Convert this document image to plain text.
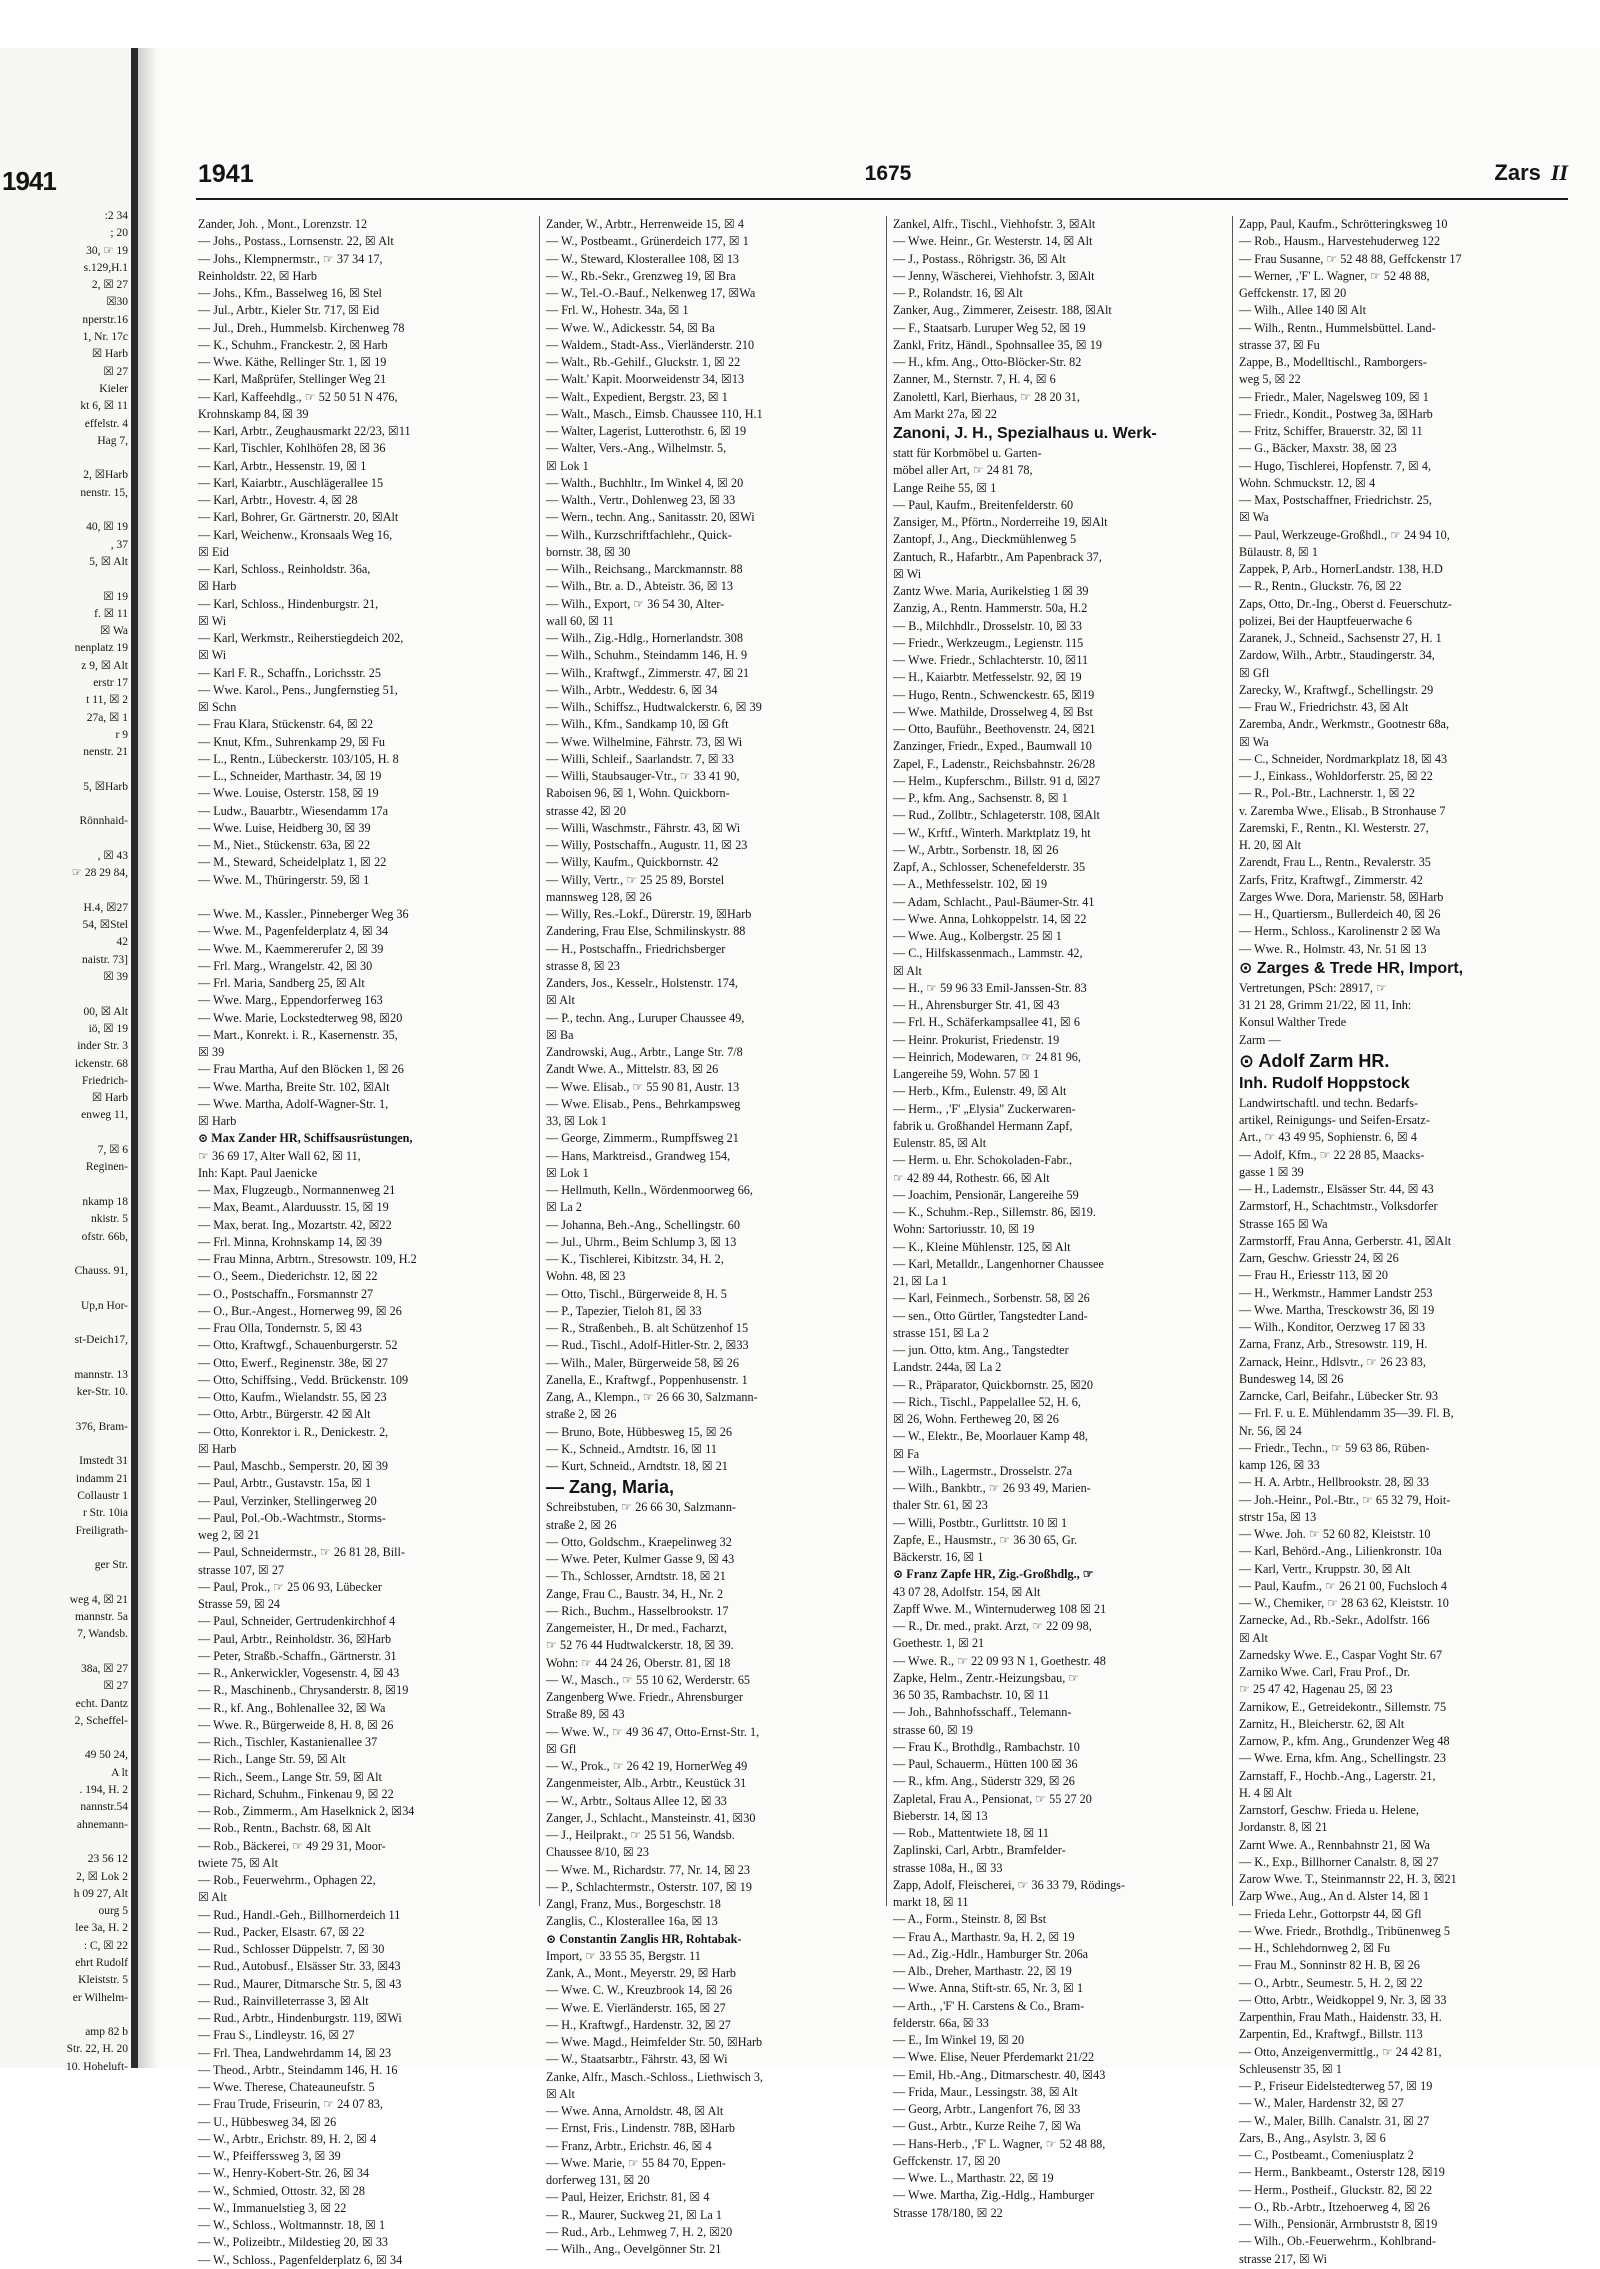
1941
:2 34
; 20
30, ☞ 19
s.129,H.1
2, ☒ 27
☒30
nperstr.16
1, Nr. 17c
☒ Harb
☒ 27
Kieler
kt 6, ☒ 11
effelstr. 4
Hag 7,

2, ☒Harb
nenstr. 15,

40, ☒ 19
, 37
5, ☒ Alt

☒ 19
f. ☒ 11
☒ Wa
nenplatz 19
z 9, ☒ Alt
erstr 17
t 11, ☒ 2
27a, ☒ 1
r 9
nenstr. 21

5, ☒Harb

Rönnhaid-

, ☒ 43
☞ 28 29 84,

H.4, ☒27
54, ☒Stel
42
naistr. 73]
☒ 39

00, ☒ Alt
iö, ☒ 19
inder Str. 3
ickenstr. 68
Friedrich-
☒ Harb
enweg 11,

7, ☒ 6
Reginen-

nkamp 18
nkistr. 5
ofstr. 66b,

Chauss. 91,

Up,n Hor-

st-Deich17,

mannstr. 13
ker-Str. 10.

376, Bram-

Imstedt 31
indamm 21
Collaustr 1
r Str. 10ia
Freiligrath-

ger Str.

weg 4, ☒ 21
mannstr. 5a
7, Wandsb.

38a, ☒ 27
☒ 27
echt. Dantz
2, Scheffel-

49 50 24,
A lt
. 194, H. 2
nannstr.54
ahnemann-

23 56 12
2, ☒ Lok 2
h 09 27, Alt
ourg 5
lee 3a, H. 2
: C, ☒ 22
ehrt Rudolf
Kleiststr. 5
er Wilhelm-

amp 82 b
Str. 22, H. 20
10. Hoheluft-
1941	1675	Zars II
Zander, Joh. , Mont., Lorenzstr. 12
— Johs., Postass., Lornsenstr. 22, ☒ Alt
— Johs., Klempnermstr., ☞ 37 34 17,
Reinholdstr. 22, ☒ Harb
— Johs., Kfm., Basselweg 16, ☒ Stel
— Jul., Arbtr., Kieler Str. 717, ☒ Eid
— Jul., Dreh., Hummelsb. Kirchenweg 78
— K., Schuhm., Franckestr. 2, ☒ Harb
— Wwe. Käthe, Rellinger Str. 1, ☒ 19
— Karl, Maßprüfer, Stellinger Weg 21
— Karl, Kaffeehdlg., ☞ 52 50 51 N 476,
Krohnskamp 84, ☒ 39
— Karl, Arbtr., Zeughausmarkt 22/23, ☒11
— Karl, Tischler, Kohlhöfen 28, ☒ 36
— Karl, Arbtr., Hessenstr. 19, ☒ 1
— Karl, Kaiarbtr., Auschlägerallee 15
— Karl, Arbtr., Hovestr. 4, ☒ 28
— Karl, Bohrer, Gr. Gärtnerstr. 20, ☒Alt
— Karl, Weichenw., Kronsaals Weg 16,
☒ Eid
— Karl, Schloss., Reinholdstr. 36a,
☒ Harb
— Karl, Schloss., Hindenburgstr. 21,
☒ Wi
— Karl, Werkmstr., Reiherstiegdeich 202,
☒ Wi
— Karl F. R., Schaffn., Lorichsstr. 25
— Wwe. Karol., Pens., Jungfernstieg 51,
☒ Schn
— Frau Klara, Stückenstr. 64, ☒ 22
— Knut, Kfm., Suhrenkamp 29, ☒ Fu
— L., Rentn., Lübeckerstr. 103/105, H. 8
— L., Schneider, Marthastr. 34, ☒ 19
— Wwe. Louise, Osterstr. 158, ☒ 19
— Ludw., Bauarbtr., Wiesendamm 17a
— Wwe. Luise, Heidberg 30, ☒ 39
— M., Niet., Stückenstr. 63a, ☒ 22
— M., Steward, Scheidelplatz 1, ☒ 22
— Wwe. M., Thüringerstr. 59, ☒ 1

— Wwe. M., Kassler., Pinneberger Weg 36
— Wwe. M., Pagenfelderplatz 4, ☒ 34
— Wwe. M., Kaemmererufer 2, ☒ 39
— Frl. Marg., Wrangelstr. 42, ☒ 30
— Frl. Maria, Sandberg 25, ☒ Alt
— Wwe. Marg., Eppendorferweg 163
— Wwe. Marie, Lockstedterweg 98, ☒20
— Mart., Konrekt. i. R., Kasernenstr. 35,
☒ 39
— Frau Martha, Auf den Blöcken 1, ☒ 26
— Wwe. Martha, Breite Str. 102, ☒Alt
— Wwe. Martha, Adolf-Wagner-Str. 1,
☒ Harb
⊙ Max Zander HR, Schiffsausrüstungen,
☞ 36 69 17, Alter Wall 62, ☒ 11,
Inh: Kapt. Paul Jaenicke
— Max, Flugzeugb., Normannenweg 21
— Max, Beamt., Alarduusstr. 15, ☒ 19
— Max, berat. Ing., Mozartstr. 42, ☒22
— Frl. Minna, Krohnskamp 14, ☒ 39
— Frau Minna, Arbtrn., Stresowstr. 109, H.2
— O., Seem., Diederichstr. 12, ☒ 22
— O., Postschaffn., Forsmannstr 27
— O., Bur.-Angest., Hornerweg 99, ☒ 26
— Frau Olla, Tondernstr. 5, ☒ 43
— Otto, Kraftwgf., Schauenburgerstr. 52
— Otto, Ewerf., Reginenstr. 38e, ☒ 27
— Otto, Schiffsing., Vedd. Brückenstr. 109
— Otto, Kaufm., Wielandstr. 55, ☒ 23
— Otto, Arbtr., Bürgerstr. 42 ☒ Alt
— Otto, Konrektor i. R., Denickestr. 2,
☒ Harb
— Paul, Maschb., Semperstr. 20, ☒ 39
— Paul, Arbtr., Gustavstr. 15a, ☒ 1
— Paul, Verzinker, Stellingerweg 20
— Paul, Pol.-Ob.-Wachtmstr., Storms-
weg 2, ☒ 21
— Paul, Schneidermstr., ☞ 26 81 28, Bill-
strasse 107, ☒ 27
— Paul, Prok., ☞ 25 06 93, Lübecker
Strasse 59, ☒ 24
— Paul, Schneider, Gertrudenkirchhof 4
— Paul, Arbtr., Reinholdstr. 36, ☒Harb
— Peter, Straßb.-Schaffn., Gärtnerstr. 31
— R., Ankerwickler, Vogesenstr. 4, ☒ 43
— R., Maschinenb., Chrysanderstr. 8, ☒19
— R., kf. Ang., Bohlenallee 32, ☒ Wa
— Wwe. R., Bürgerweide 8, H. 8, ☒ 26
— Rich., Tischler, Kastanienallee 37
— Rich., Lange Str. 59, ☒ Alt
— Rich., Seem., Lange Str. 59, ☒ Alt
— Richard, Schuhm., Finkenau 9, ☒ 22
— Rob., Zimmerm., Am Haselknick 2, ☒34
— Rob., Rentn., Bachstr. 68, ☒ Alt
— Rob., Bäckerei, ☞ 49 29 31, Moor-
twiete 75, ☒ Alt
— Rob., Feuerwehrm., Ophagen 22,
☒ Alt
— Rud., Handl.-Geh., Billhornerdeich 11
— Rud., Packer, Elsastr. 67, ☒ 22
— Rud., Schlosser Düppelstr. 7, ☒ 30
— Rud., Autobusf., Elsässer Str. 33, ☒43
— Rud., Maurer, Ditmarsche Str. 5, ☒ 43
— Rud., Rainvilleterrasse 3, ☒ Alt
— Rud., Arbtr., Hindenburgstr. 119, ☒Wi
— Frau S., Lindleystr. 16, ☒ 27
— Frl. Thea, Landwehrdamm 14, ☒ 23
— Theod., Arbtr., Steindamm 146, H. 16
— Wwe. Therese, Chateauneufstr. 5
— Frau Trude, Friseurin, ☞ 24 07 83,
— U., Hübbesweg 34, ☒ 26
— W., Arbtr., Erichstr. 89, H. 2, ☒ 4
— W., Pfeifferssweg 3, ☒ 39
— W., Henry-Kobert-Str. 26, ☒ 34
— W., Schmied, Ottostr. 32, ☒ 28
— W., Immanuelstieg 3, ☒ 22
— W., Schloss., Woltmannstr. 18, ☒ 1
— W., Polizeibtr., Mildestieg 20, ☒ 33
— W., Schloss., Pagenfelderplatz 6, ☒ 34
Zander, W., Arbtr., Herrenweide 15, ☒ 4
— W., Postbeamt., Grünerdeich 177, ☒ 1
— W., Steward, Klosterallee 108, ☒ 13
— W., Rb.-Sekr., Grenzweg 19, ☒ Bra
— W., Tel.-O.-Bauf., Nelkenweg 17, ☒Wa
— Frl. W., Hohestr. 34a, ☒ 1
— Wwe. W., Adickesstr. 54, ☒ Ba
— Waldem., Stadt-Ass., Vierländerstr. 210
— Walt., Rb.-Gehilf., Gluckstr. 1, ☒ 22
— Walt.' Kapit. Moorweidenstr 34, ☒13
— Walt., Expedient, Bergstr. 23, ☒ 1
— Walt., Masch., Eimsb. Chaussee 110, H.1
— Walter, Lagerist, Lutterothstr. 6, ☒ 19
— Walter, Vers.-Ang., Wilhelmstr. 5,
☒ Lok 1
— Walth., Buchhltr., Im Winkel 4, ☒ 20
— Walth., Vertr., Dohlenweg 23, ☒ 33
— Wern., techn. Ang., Sanitasstr. 20, ☒Wi
— Wilh., Kurzschriftfachlehr., Quick-
bornstr. 38, ☒ 30
— Wilh., Reichsang., Marckmannstr. 88
— Wilh., Btr. a. D., Abteistr. 36, ☒ 13
— Wilh., Export, ☞ 36 54 30, Alter-
wall 60, ☒ 11
— Wilh., Zig.-Hdlg., Hornerlandstr. 308
— Wilh., Schuhm., Steindamm 146, H. 9
— Wilh., Kraftwgf., Zimmerstr. 47, ☒ 21
— Wilh., Arbtr., Weddestr. 6, ☒ 34
— Wilh., Schiffsz., Hudtwalckerstr. 6, ☒ 39
— Wilh., Kfm., Sandkamp 10, ☒ Gft
— Wwe. Wilhelmine, Fährstr. 73, ☒ Wi
— Willi, Schleif., Saarlandstr. 7, ☒ 33
— Willi, Staubsauger-Vtr., ☞ 33 41 90,
Raboisen 96, ☒ 1, Wohn. Quickborn-
strasse 42, ☒ 20
— Willi, Waschmstr., Fährstr. 43, ☒ Wi
— Willy, Postschaffn., Augustr. 11, ☒ 23
— Willy, Kaufm., Quickbornstr. 42
— Willy, Vertr., ☞ 25 25 89, Borstel
mannsweg 128, ☒ 26
— Willy, Res.-Lokf., Dürerstr. 19, ☒Harb
Zandering, Frau Else, Schmilinskystr. 88
— H., Postschaffn., Friedrichsberger
strasse 8, ☒ 23
Zanders, Jos., Kesselr., Holstenstr. 174,
☒ Alt
— P., techn. Ang., Luruper Chaussee 49,
☒ Ba
Zandrowski, Aug., Arbtr., Lange Str. 7/8
Zandt Wwe. A., Mittelstr. 83, ☒ 26
— Wwe. Elisab., ☞ 55 90 81, Austr. 13
— Wwe. Elisab., Pens., Behrkampsweg
33, ☒ Lok 1
— George, Zimmerm., Rumpffsweg 21
— Hans, Marktreisd., Grandweg 154,
☒ Lok 1
— Hellmuth, Kelln., Wördenmoorweg 66,
☒ La 2
— Johanna, Beh.-Ang., Schellingstr. 60
— Jul., Uhrm., Beim Schlump 3, ☒ 13
— K., Tischlerei, Kibitzstr. 34, H. 2,
Wohn. 48, ☒ 23
— Otto, Tischl., Bürgerweide 8, H. 5
— P., Tapezier, Tieloh 81, ☒ 33
— R., Straßenbeh., B. alt Schützenhof 15
— Rud., Tischl., Adolf-Hitler-Str. 2, ☒33
— Wilh., Maler, Bürgerweide 58, ☒ 26
Zanella, E., Kraftwgf., Poppenhusenstr. 1
Zang, A., Klempn., ☞ 26 66 30, Salzmann-
straße 2, ☒ 26
— Bruno, Bote, Hübbesweg 15, ☒ 26
— K., Schneid., Arndtstr. 16, ☒ 11
— Kurt, Schneid., Arndtstr. 18, ☒ 21
— Zang, Maria,
Schreibstuben, ☞ 26 66 30, Salzmann-
straße 2, ☒ 26
— Otto, Goldschm., Kraepelinweg 32
— Wwe. Peter, Kulmer Gasse 9, ☒ 43
— Th., Schlosser, Arndtstr. 18, ☒ 21
Zange, Frau C., Baustr. 34, H., Nr. 2
— Rich., Buchm., Hasselbrookstr. 17
Zangemeister, H., Dr med., Facharzt,
☞ 52 76 44 Hudtwalckerstr. 18, ☒ 39.
Wohn: ☞ 44 24 26, Oberstr. 81, ☒ 18
— W., Masch., ☞ 55 10 62, Werderstr. 65
Zangenberg Wwe. Friedr., Ahrensburger
Straße 89, ☒ 43
— Wwe. W., ☞ 49 36 47, Otto-Ernst-Str. 1,
☒ Gfl
— W., Prok., ☞ 26 42 19, HornerWeg 49
Zangenmeister, Alb., Arbtr., Keustück 31
— W., Arbtr., Soltaus Allee 12, ☒ 33
Zanger, J., Schlacht., Mansteinstr. 41, ☒30
— J., Heilprakt., ☞ 25 51 56, Wandsb.
Chaussee 8/10, ☒ 23
— Wwe. M., Richardstr. 77, Nr. 14, ☒ 23
— P., Schlachtermstr., Osterstr. 107, ☒ 19
Zangl, Franz, Mus., Borgeschstr. 18
Zanglis, C., Klosterallee 16a, ☒ 13
⊙ Constantin Zanglis HR, Rohtabak-
Import, ☞ 33 55 35, Bergstr. 11
Zank, A., Mont., Meyerstr. 29, ☒ Harb
— Wwe. C. W., Kreuzbrook 14, ☒ 26
— Wwe. E. Vierländerstr. 165, ☒ 27
— H., Kraftwgf., Hardenstr. 32, ☒ 27
— Wwe. Magd., Heimfelder Str. 50, ☒Harb
— W., Staatsarbtr., Fährstr. 43, ☒ Wi
Zanke, Alfr., Masch.-Schloss., Liethwisch 3,
☒ Alt
— Wwe. Anna, Arnoldstr. 48, ☒ Alt
— Ernst, Fris., Lindenstr. 78B, ☒Harb
— Franz, Arbtr., Erichstr. 46, ☒ 4
— Wwe. Marie, ☞ 55 84 70, Eppen-
dorferweg 131, ☒ 20
— Paul, Heizer, Erichstr. 81, ☒ 4
— R., Maurer, Suckweg 21, ☒ La 1
— Rud., Arb., Lehmweg 7, H. 2, ☒20
— Wilh., Ang., Oevelgönner Str. 21
Zankel, Alfr., Tischl., Viehhofstr. 3, ☒Alt
— Wwe. Heinr., Gr. Westerstr. 14, ☒ Alt
— J., Postass., Röhrigstr. 36, ☒ Alt
— Jenny, Wäscherei, Viehhofstr. 3, ☒Alt
— P., Rolandstr. 16, ☒ Alt
Zanker, Aug., Zimmerer, Zeisestr. 188, ☒Alt
— F., Staatsarb. Luruper Weg 52, ☒ 19
Zankl, Fritz, Händl., Spohnsallee 35, ☒ 19
— H., kfm. Ang., Otto-Blöcker-Str. 82
Zanner, M., Sternstr. 7, H. 4, ☒ 6
Zanolettl, Karl, Bierhaus, ☞ 28 20 31,
Am Markt 27a, ☒ 22
Zanoni, J. H., Spezialhaus u. Werk-
statt für Korbmöbel u. Garten-
möbel aller Art, ☞ 24 81 78,
Lange Reihe 55, ☒ 1
— Paul, Kaufm., Breitenfelderstr. 60
Zansiger, M., Pförtn., Norderreihe 19, ☒Alt
Zantopf, J., Ang., Dieckmühlenweg 5
Zantuch, R., Hafarbtr., Am Papenbrack 37,
☒ Wi
Zantz Wwe. Maria, Aurikelstieg 1 ☒ 39
Zanzig, A., Rentn. Hammerstr. 50a, H.2
— B., Milchhdlr., Drosselstr. 10, ☒ 33
— Friedr., Werkzeugm., Legienstr. 115
— Wwe. Friedr., Schlachterstr. 10, ☒11
— H., Kaiarbtr. Metfesselstr. 92, ☒ 19
— Hugo, Rentn., Schwenckestr. 65, ☒19
— Wwe. Mathilde, Drosselweg 4, ☒ Bst
— Otto, Bauführ., Beethovenstr. 24, ☒21
Zanzinger, Friedr., Exped., Baumwall 10
Zapel, F., Ladenstr., Reichsbahnstr. 26/28
— Helm., Kupferschm., Billstr. 91 d, ☒27
— P., kfm. Ang., Sachsenstr. 8, ☒ 1
— Rud., Zollbtr., Schlageterstr. 108, ☒Alt
— W., Krftf., Winterh. Marktplatz 19, ht
— W., Arbtr., Sorbenstr. 18, ☒ 26
Zapf, A., Schlosser, Schenefelderstr. 35
— A., Methfesselstr. 102, ☒ 19
— Adam, Schlacht., Paul-Bäumer-Str. 41
— Wwe. Anna, Lohkoppelstr. 14, ☒ 22
— Wwe. Aug., Kolbergstr. 25 ☒ 1
— C., Hilfskassenmach., Lammstr. 42,
☒ Alt
— H., ☞ 59 96 33 Emil-Janssen-Str. 83
— H., Ahrensburger Str. 41, ☒ 43
— Frl. H., Schäferkampsallee 41, ☒ 6
— Heinr. Prokurist, Friedenstr. 19
— Heinrich, Modewaren, ☞ 24 81 96,
Langereihe 59, Wohn. 57 ☒ 1
— Herb., Kfm., Eulenstr. 49, ☒ Alt
— Herm., ‚'F' „Elysia" Zuckerwaren-
fabrik u. Großhandel Hermann Zapf,
Eulenstr. 85, ☒ Alt
— Herm. u. Ehr. Schokoladen-Fabr.,
☞ 42 89 44, Rothestr. 66, ☒ Alt
— Joachim, Pensionär, Langereihe 59
— K., Schuhm.-Rep., Sillemstr. 86, ☒19.
Wohn: Sartoriusstr. 10, ☒ 19
— K., Kleine Mühlenstr. 125, ☒ Alt
— Karl, Metalldr., Langenhorner Chaussee
21, ☒ La 1
— Karl, Feinmech., Sorbenstr. 58, ☒ 26
— sen., Otto Gürtler, Tangstedter Land-
strasse 151, ☒ La 2
— jun. Otto, ktm. Ang., Tangstedter
Landstr. 244a, ☒ La 2
— R., Präparator, Quickbornstr. 25, ☒20
— Rich., Tischl., Pappelallee 52, H. 6,
☒ 26, Wohn. Fertheweg 20, ☒ 26
— W., Elektr., Be, Moorlauer Kamp 48,
☒ Fa
— Wilh., Lagermstr., Drosselstr. 27a
— Wilh., Bankbtr., ☞ 26 93 49, Marien-
thaler Str. 61, ☒ 23
— Willi, Postbtr., Gurlittstr. 10 ☒ 1
Zapfe, E., Hausmstr., ☞ 36 30 65, Gr.
Bäckerstr. 16, ☒ 1
⊙ Franz Zapfe HR, Zig.-Großhdlg., ☞
43 07 28, Adolfstr. 154, ☒ Alt
Zapff Wwe. M., Winternuderweg 108 ☒ 21
— R., Dr. med., prakt. Arzt, ☞ 22 09 98,
Goethestr. 1, ☒ 21
— Wwe. R., ☞ 22 09 93 N 1, Goethestr. 48
Zapke, Helm., Zentr.-Heizungsbau, ☞
36 50 35, Rambachstr. 10, ☒ 11
— Joh., Bahnhofsschaff., Telemann-
strasse 60, ☒ 19
— Frau K., Brothdlg., Rambachstr. 10
— Paul, Schauerm., Hütten 100 ☒ 36
— R., kfm. Ang., Süderstr 329, ☒ 26
Zapletal, Frau A., Pensionat, ☞ 55 27 20
Bieberstr. 14, ☒ 13
— Rob., Mattentwiete 18, ☒ 11
Zaplinski, Carl, Arbtr., Bramfelder-
strasse 108a, H., ☒ 33
Zapp, Adolf, Fleischerei, ☞ 36 33 79, Rödings-
markt 18, ☒ 11
— A., Form., Steinstr. 8, ☒ Bst
— Frau A., Marthastr. 9a, H. 2, ☒ 19
— Ad., Zig.-Hdlr., Hamburger Str. 206a
— Alb., Dreher, Marthastr. 22, ☒ 19
— Wwe. Anna, Stift-str. 65, Nr. 3, ☒ 1
— Arth., ‚'F' H. Carstens & Co., Bram-
felderstr. 66a, ☒ 33
— E., Im Winkel 19, ☒ 20
— Wwe. Elise, Neuer Pferdemarkt 21/22
— Emil, Hb.-Ang., Ditmarschestr. 40, ☒43
— Frida, Maur., Lessingstr. 38, ☒ Alt
— Georg, Arbtr., Langenfort 76, ☒ 33
— Gust., Arbtr., Kurze Reihe 7, ☒ Wa
— Hans-Herb., ‚'F' L. Wagner, ☞ 52 48 88,
Geffckenstr. 17, ☒ 20
— Wwe. L., Marthastr. 22, ☒ 19
— Wwe. Martha, Zig.-Hdlg., Hamburger
Strasse 178/180, ☒ 22
Zapp, Paul, Kaufm., Schrötteringksweg 10
— Rob., Hausm., Harvestehuderweg 122
— Frau Susanne, ☞ 52 48 88, Geffckenstr 17
— Werner, ‚'F' L. Wagner, ☞ 52 48 88,
Geffckenstr. 17, ☒ 20
— Wilh., Allee 140 ☒ Alt
— Wilh., Rentn., Hummelsbüttel. Land-
strasse 37, ☒ Fu
Zappe, B., Modelltischl., Ramborgers-
weg 5, ☒ 22
— Friedr., Maler, Nagelsweg 109, ☒ 1
— Friedr., Kondit., Postweg 3a, ☒Harb
— Fritz, Schiffer, Brauerstr. 32, ☒ 11
— G., Bäcker, Maxstr. 38, ☒ 23
— Hugo, Tischlerei, Hopfenstr. 7, ☒ 4,
Wohn. Schmuckstr. 12, ☒ 4
— Max, Postschaffner, Friedrichstr. 25,
☒ Wa
— Paul, Werkzeuge-Großhdl., ☞ 24 94 10,
Bülaustr. 8, ☒ 1
Zappek, P, Arb., HornerLandstr. 138, H.D
— R., Rentn., Gluckstr. 76, ☒ 22
Zaps, Otto, Dr.-Ing., Oberst d. Feuerschutz-
polizei, Bei der Hauptfeuerwache 6
Zaranek, J., Schneid., Sachsenstr 27, H. 1
Zardow, Wilh., Arbtr., Staudingerstr. 34,
☒ Gfl
Zarecky, W., Kraftwgf., Schellingstr. 29
— Frau W., Friedrichstr. 43, ☒ Alt
Zaremba, Andr., Werkmstr., Gootnestr 68a,
☒ Wa
— C., Schneider, Nordmarkplatz 18, ☒ 43
— J., Einkass., Wohldorferstr. 25, ☒ 22
— R., Pol.-Btr., Lachnerstr. 1, ☒ 22
v. Zaremba Wwe., Elisab., B Stronhause 7
Zaremski, F., Rentn., Kl. Westerstr. 27,
H. 20, ☒ Alt
Zarendt, Frau L., Rentn., Revalerstr. 35
Zarfs, Fritz, Kraftwgf., Zimmerstr. 42
Zarges Wwe. Dora, Marienstr. 58, ☒Harb
— H., Quartiersm., Bullerdeich 40, ☒ 26
— Herm., Schloss., Karolinenstr 2 ☒ Wa
— Wwe. R., Holmstr. 43, Nr. 51 ☒ 13
⊙ Zarges & Trede HR, Import,
Vertretungen, PSch: 28917, ☞
31 21 28, Grimm 21/22, ☒ 11, Inh:
Konsul Walther Trede
Zarm —
⊙ Adolf Zarm HR.
Inh. Rudolf Hoppstock
Landwirtschaftl. und techn. Bedarfs-
artikel, Reinigungs- und Seifen-Ersatz-
Art., ☞ 43 49 95, Sophienstr. 6, ☒ 4
— Adolf, Kfm., ☞ 22 28 85, Maacks-
gasse 1 ☒ 39
— H., Lademstr., Elsässer Str. 44, ☒ 43
Zarmstorf, H., Schachtmstr., Volksdorfer
Strasse 165 ☒ Wa
Zarmstorff, Frau Anna, Gerberstr. 41, ☒Alt
Zarn, Geschw. Griesstr 24, ☒ 26
— Frau H., Eriesstr 113, ☒ 20
— H., Werkmstr., Hammer Landstr 253
— Wwe. Martha, Tresckowstr 36, ☒ 19
— Wilh., Konditor, Oerzweg 17 ☒ 33
Zarna, Franz, Arb., Stresowstr. 119, H.
Zarnack, Heinr., Hdlsvtr., ☞ 26 23 83,
Bundesweg 14, ☒ 26
Zarncke, Carl, Beifahr., Lübecker Str. 93
— Frl. F. u. E. Mühlendamm 35—39. Fl. B,
Nr. 56, ☒ 24
— Friedr., Techn., ☞ 59 63 86, Rüben-
kamp 126, ☒ 33
— H. A. Arbtr., Hellbrookstr. 28, ☒ 33
— Joh.-Heinr., Pol.-Btr., ☞ 65 32 79, Hoit-
strstr 15a, ☒ 13
— Wwe. Joh. ☞ 52 60 82, Kleiststr. 10
— Karl, Behörd.-Ang., Lilienkronstr. 10a
— Karl, Vertr., Kruppstr. 30, ☒ Alt
— Paul, Kaufm., ☞ 26 21 00, Fuchsloch 4
— W., Chemiker, ☞ 28 63 62, Kleiststr. 10
Zarnecke, Ad., Rb.-Sekr., Adolfstr. 166
☒ Alt
Zarnedsky Wwe. E., Caspar Voght Str. 67
Zarniko Wwe. Carl, Frau Prof., Dr.
☞ 25 47 42, Hagenau 25, ☒ 23
Zarnikow, E., Getreidekontr., Sillemstr. 75
Zarnitz, H., Bleicherstr. 62, ☒ Alt
Zarnow, P., kfm. Ang., Grundenzer Weg 48
— Wwe. Erna, kfm. Ang., Schellingstr. 23
Zarnstaff, F., Hochb.-Ang., Lagerstr. 21,
H. 4 ☒ Alt
Zarnstorf, Geschw. Frieda u. Helene,
Jordanstr. 8, ☒ 21
Zarnt Wwe. A., Rennbahnstr 21, ☒ Wa
— K., Exp., Billhorner Canalstr. 8, ☒ 27
Zarow Wwe. T., Steinmannstr 22, H. 3, ☒21
Zarp Wwe., Aug., An d. Alster 14, ☒ 1
— Frieda Lehr., Gottorpstr 44, ☒ Gfl
— Wwe. Friedr., Brothdlg., Tribünenweg 5
— H., Schlehdornweg 2, ☒ Fu
— Frau M., Sonninstr 82 H. B, ☒ 26
— O., Arbtr., Seumestr. 5, H. 2, ☒ 22
— Otto, Arbtr., Weidkoppel 9, Nr. 3, ☒ 33
Zarpenthin, Frau Math., Haidenstr. 33, H.
Zarpentin, Ed., Kraftwgf., Billstr. 113
— Otto, Anzeigenvermittlg., ☞ 24 42 81,
Schleusenstr 35, ☒ 1
— P., Friseur Eidelstedterweg 57, ☒ 19
— W., Maler, Hardenstr 32, ☒ 27
— W., Maler, Billh. Canalstr. 31, ☒ 27
Zars, B., Ang., Asylstr. 3, ☒ 6
— C., Postbeamt., Comeniusplatz 2
— Herm., Bankbeamt., Osterstr 128, ☒19
— Herm., Postheif., Gluckstr. 82, ☒ 22
— O., Rb.-Arbtr., Itzehoerweg 4, ☒ 26
— Wilh., Pensionär, Armbruststr 8, ☒19
— Wilh., Ob.-Feuerwehrm., Kohlbrand-
strasse 217, ☒ Wi
